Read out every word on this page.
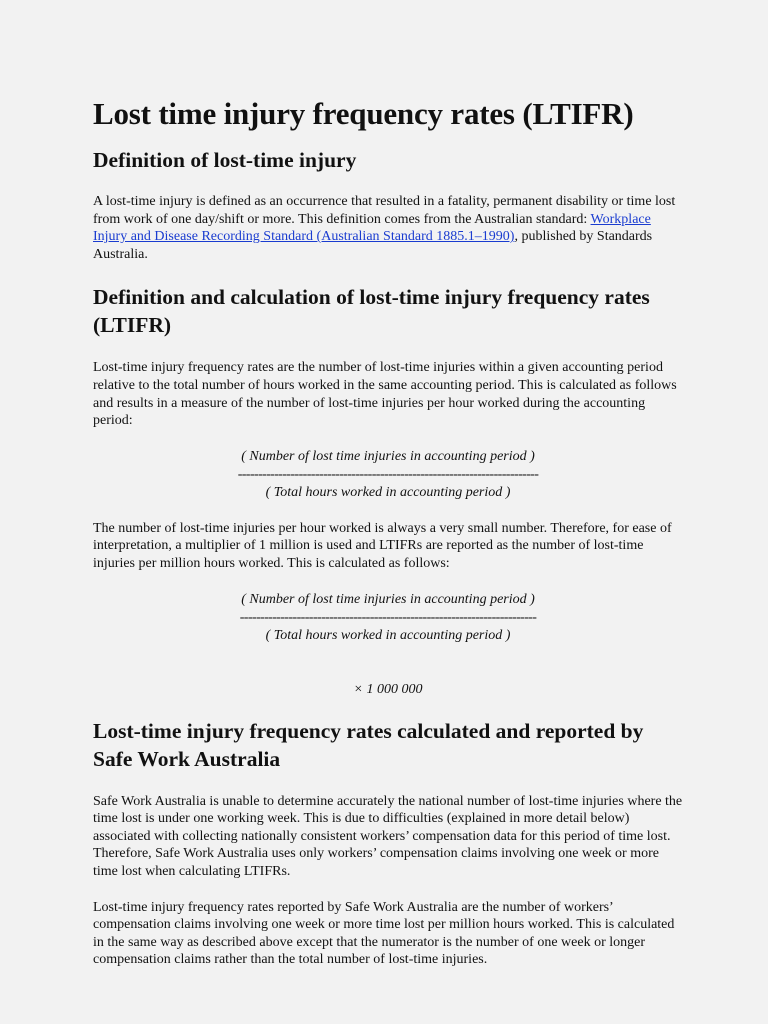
Lost time injury frequency rates (LTIFR)
Definition of lost-time injury

A lost-time injury is defined as an occurrence that resulted in a fatality, permanent disability or time lost from work of one day/shift or more. This definition comes from the Australian standard: Workplace Injury and Disease Recording Standard (Australian Standard 1885.1–1990), published by Standards Australia.

Definition and calculation of lost-time injury frequency rates (LTIFR)

Lost-time injury frequency rates are the number of lost-time injuries within a given accounting period relative to the total number of hours worked in the same accounting period. This is calculated as follows and results in a measure of the number of lost-time injuries per hour worked during the accounting period:

( Number of lost time injuries in accounting period )
--------------------------------------------------------------------------
( Total hours worked in accounting period )

The number of lost-time injuries per hour worked is always a very small number. Therefore, for ease of interpretation, a multiplier of 1 million is used and LTIFRs are reported as the number of lost-time injuries per million hours worked. This is calculated as follows:

( Number of lost time injuries in accounting period )
-------------------------------------------------------------------------
( Total hours worked in accounting period )
× 1 000 000
Lost-time injury frequency rates calculated and reported by Safe Work Australia

Safe Work Australia is unable to determine accurately the national number of lost-time injuries where the time lost is under one working week. This is due to difficulties (explained in more detail below) associated with collecting nationally consistent workers’ compensation data for this period of time lost. Therefore, Safe Work Australia uses only workers’ compensation claims involving one week or more time lost when calculating LTIFRs.

Lost-time injury frequency rates reported by Safe Work Australia are the number of workers’ compensation claims involving one week or more time lost per million hours worked. This is calculated in the same way as described above except that the numerator is the number of one week or longer compensation claims rather than the total number of lost-time injuries.
